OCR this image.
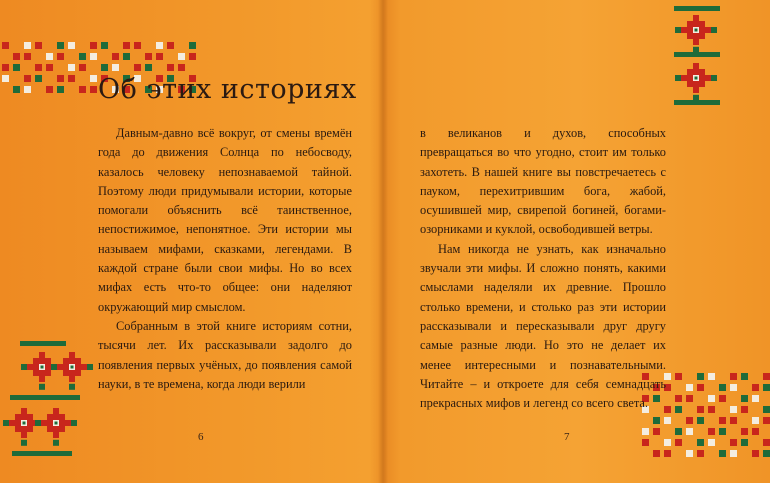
Об этих историях

Давным-давно всё вокруг, от смены времён года до движения Солнца по небосводу, казалось человеку непознаваемой тайной. Поэтому люди придумывали истории, которые помогали объяснить всё таинственное, непостижимое, непонятное. Эти истории мы называем мифами, сказками, легендами. В каждой стране были свои мифы. Но во всех мифах есть что-то общее: они наделяют окружающий мир смыслом.

Собранным в этой книге историям сотни, тысячи лет. Их рассказывали задолго до появления первых учёных, до появления самой науки, в те времена, когда люди верили

6

в великанов и духов, способных превращаться во что угодно, стоит им только захотеть. В нашей книге вы повстречаетесь с пауком, перехитрившим бога, жабой, осушившей мир, свирепой богиней, богами-озорниками и куклой, освободившей ветры.

Нам никогда не узнать, как изначально звучали эти мифы. И сложно понять, какими смыслами наделяли их древние. Прошло столько времени, и столько раз эти истории рассказывали и пересказывали друг другу самые разные люди. Но это не делает их менее интересными и познавательными. Читайте – и откроете для себя семнадцать прекрасных мифов и легенд со всего света.

7
